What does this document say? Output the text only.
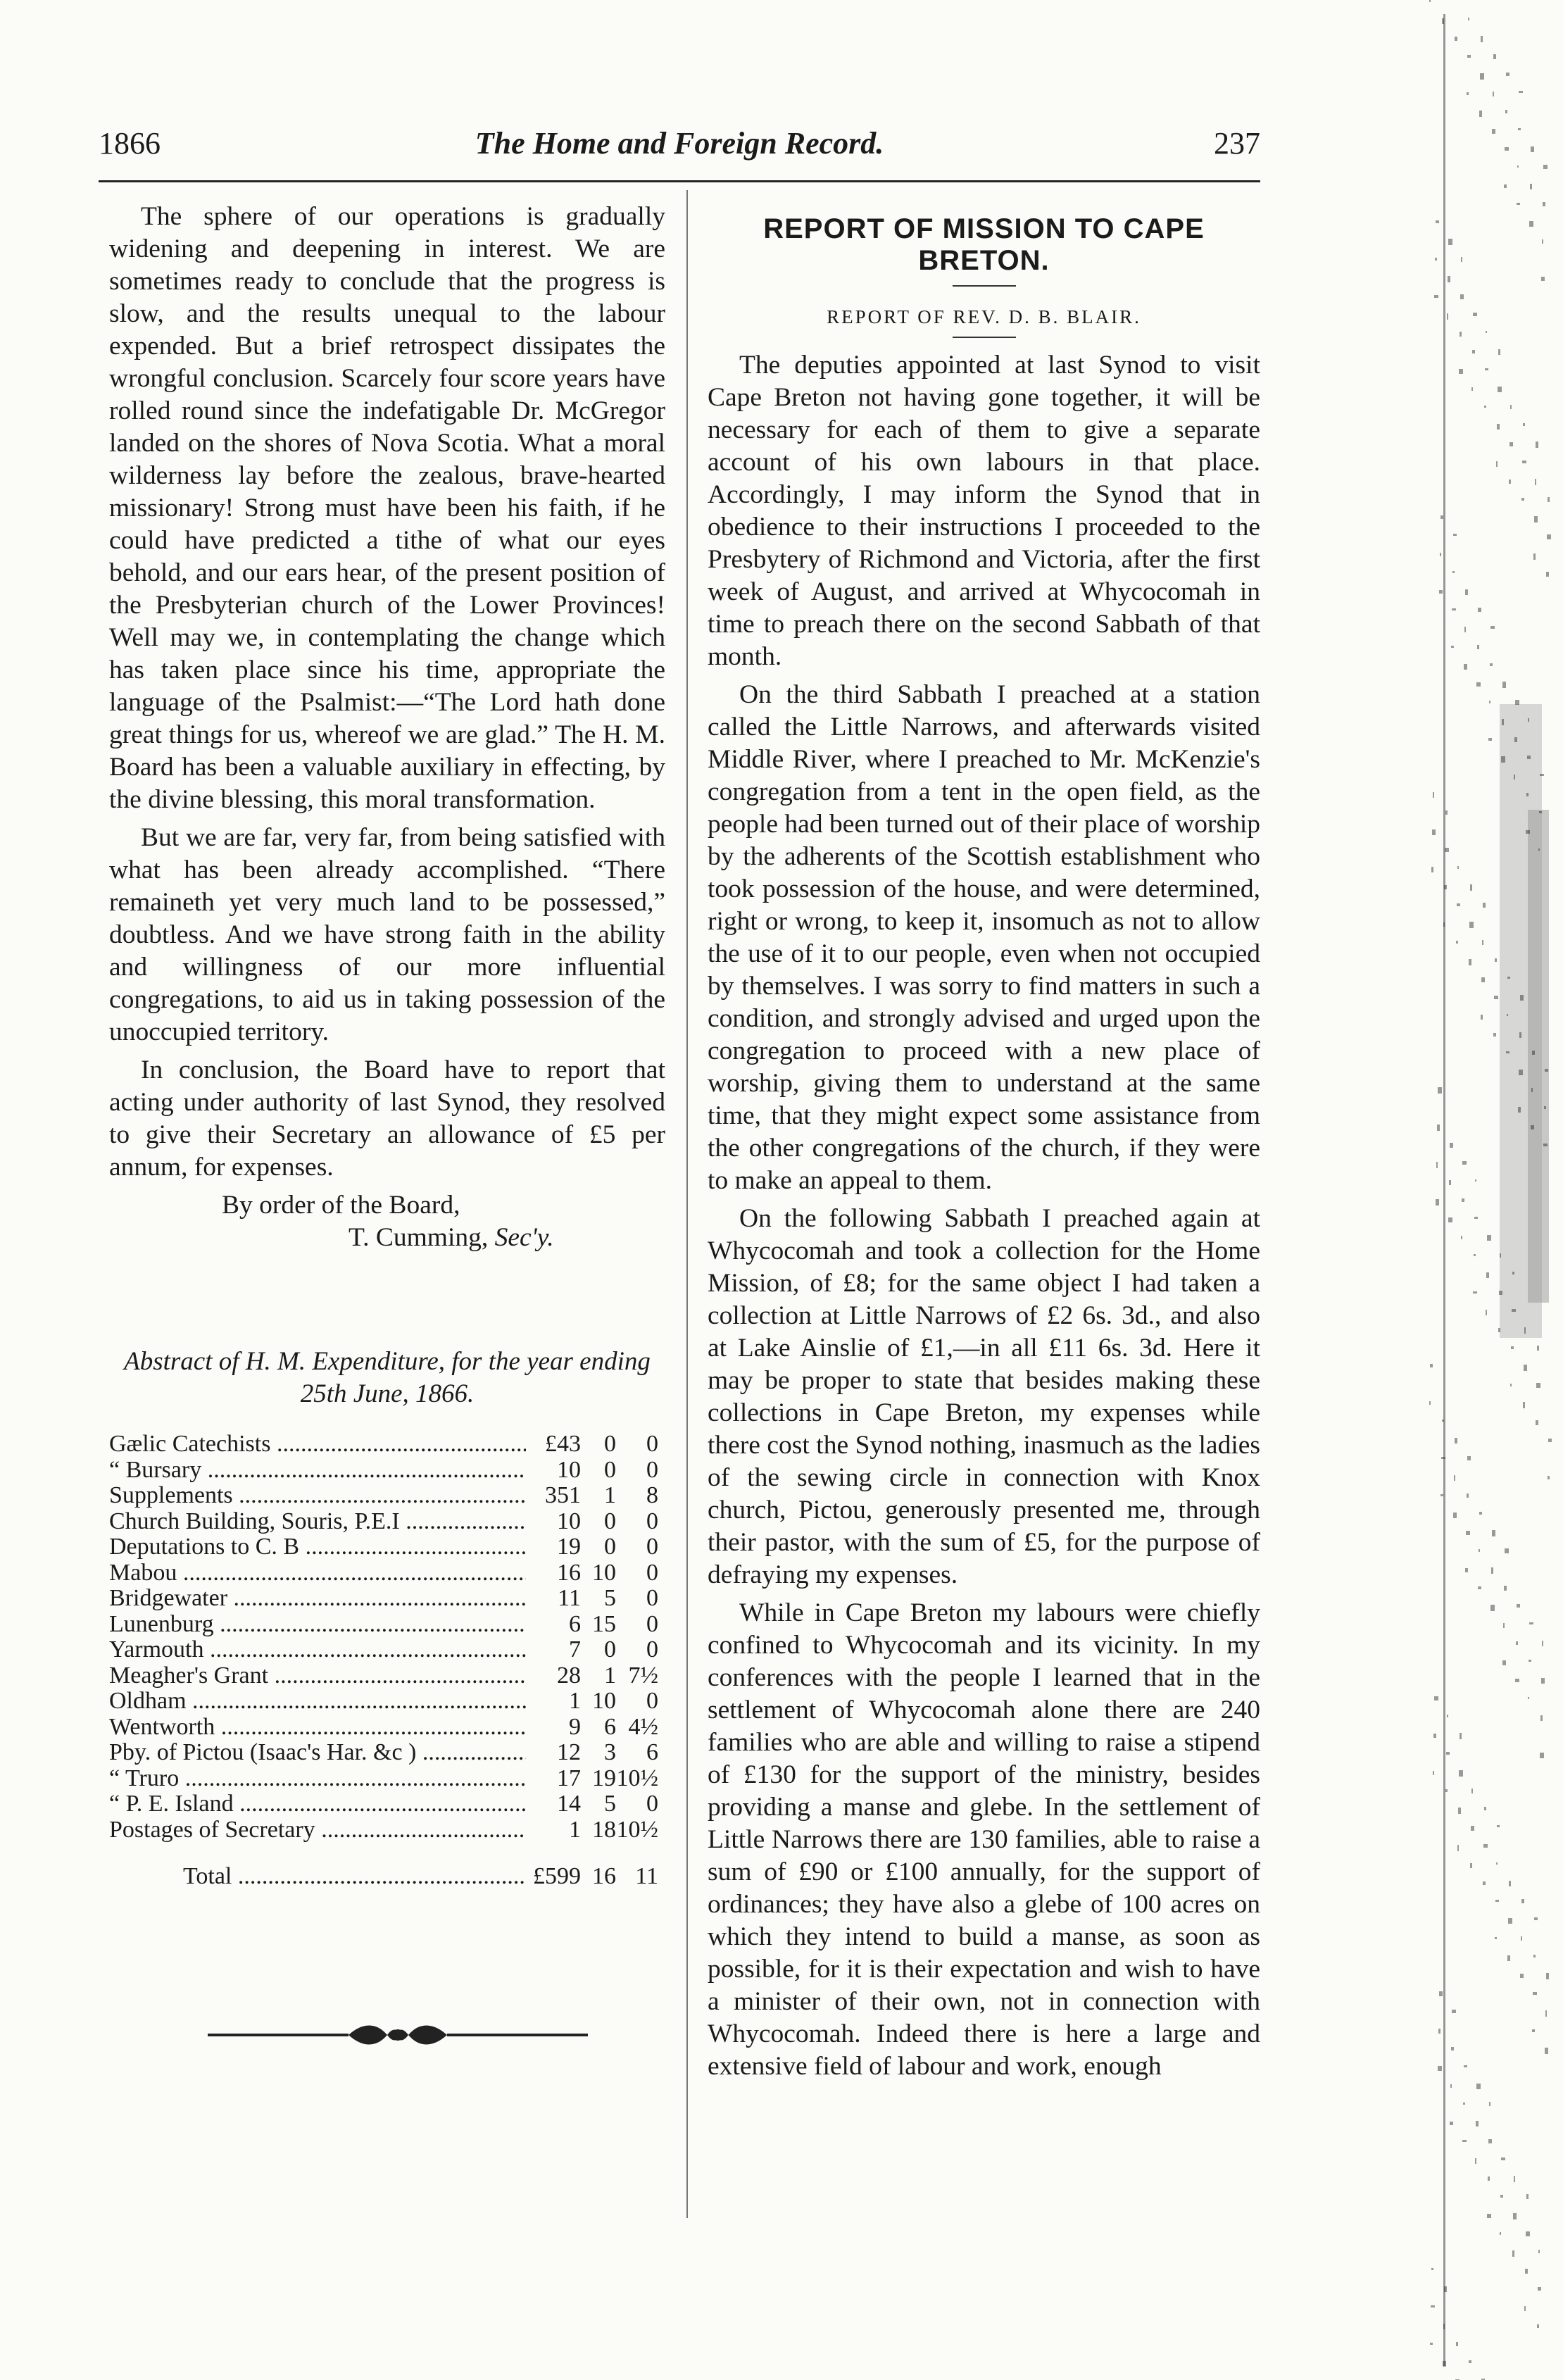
1866	The Home and Foreign Record.	237

The sphere of our operations is gradually widening and deepening in interest. We are sometimes ready to conclude that the progress is slow, and the results unequal to the labour expended. But a brief retrospect dissipates the wrongful conclusion. Scarcely four score years have rolled round since the indefatigable Dr. McGregor landed on the shores of Nova Scotia. What a moral wilderness lay before the zealous, brave-hearted missionary! Strong must have been his faith, if he could have predicted a tithe of what our eyes behold, and our ears hear, of the present position of the Presbyterian church of the Lower Provinces! Well may we, in contemplating the change which has taken place since his time, appropriate the language of the Psalmist:—“The Lord hath done great things for us, whereof we are glad.” The H. M. Board has been a valuable auxiliary in effecting, by the divine blessing, this moral transformation.

But we are far, very far, from being satisfied with what has been already accomplished. “There remaineth yet very much land to be possessed,” doubtless. And we have strong faith in the ability and willingness of our more influential congregations, to aid us in taking possession of the unoccupied territory.

In conclusion, the Board have to report that acting under authority of last Synod, they resolved to give their Secretary an allowance of £5 per annum, for expenses.

By order of the Board,
T. Cumming, Sec'y.
Abstract of H. M. Expenditure, for the year ending 25th June, 1866.
Gælic Catechists .....	£43 0	0
“ Bursary .....	10 0	0
Supplements .....	351 1	8
Church Building, Souris, P.E.I .....	10 0	0
Deputations to C. B .....	19 0	0
Mabou .....	16 10	0
Bridgewater .....	11 5	0
Lunenburg .....	6 15	0
Yarmouth .....	7 0	0
Meagher's Grant .....	28 1 7½
Oldham .....	1 10	0
Wentworth .....	9 6 4½
Pby. of Pictou (Isaac's Har. &c ) .....	12 3	6
“ Truro .....	17 19 10½
“ P. E. Island .....	14 5	0
Postages of Secretary .....	1 18 10½
Total .....	£599 16 11
REPORT OF MISSION TO CAPE BRETON.
REPORT OF REV. D. B. BLAIR.

The deputies appointed at last Synod to visit Cape Breton not having gone together, it will be necessary for each of them to give a separate account of his own labours in that place. Accordingly, I may inform the Synod that in obedience to their instructions I proceeded to the Presbytery of Richmond and Victoria, after the first week of August, and arrived at Whycocomah in time to preach there on the second Sabbath of that month.

On the third Sabbath I preached at a station called the Little Narrows, and afterwards visited Middle River, where I preached to Mr. McKenzie's congregation from a tent in the open field, as the people had been turned out of their place of worship by the adherents of the Scottish establishment who took possession of the house, and were determined, right or wrong, to keep it, insomuch as not to allow the use of it to our people, even when not occupied by themselves. I was sorry to find matters in such a condition, and strongly advised and urged upon the congregation to proceed with a new place of worship, giving them to understand at the same time, that they might expect some assistance from the other congregations of the church, if they were to make an appeal to them.

On the following Sabbath I preached again at Whycocomah and took a collection for the Home Mission, of £8; for the same object I had taken a collection at Little Narrows of £2 6s. 3d., and also at Lake Ainslie of £1,—in all £11 6s. 3d. Here it may be proper to state that besides making these collections in Cape Breton, my expenses while there cost the Synod nothing, inasmuch as the ladies of the sewing circle in connection with Knox church, Pictou, generously presented me, through their pastor, with the sum of £5, for the purpose of defraying my expenses.

While in Cape Breton my labours were chiefly confined to Whycocomah and its vicinity. In my conferences with the people I learned that in the settlement of Whycocomah alone there are 240 families who are able and willing to raise a stipend of £130 for the support of the ministry, besides providing a manse and glebe. In the settlement of Little Narrows there are 130 families, able to raise a sum of £90 or £100 annually, for the support of ordinances; they have also a glebe of 100 acres on which they intend to build a manse, as soon as possible, for it is their expectation and wish to have a minister of their own, not in connection with Whycocomah. Indeed there is here a large and extensive field of labour and work, enough
